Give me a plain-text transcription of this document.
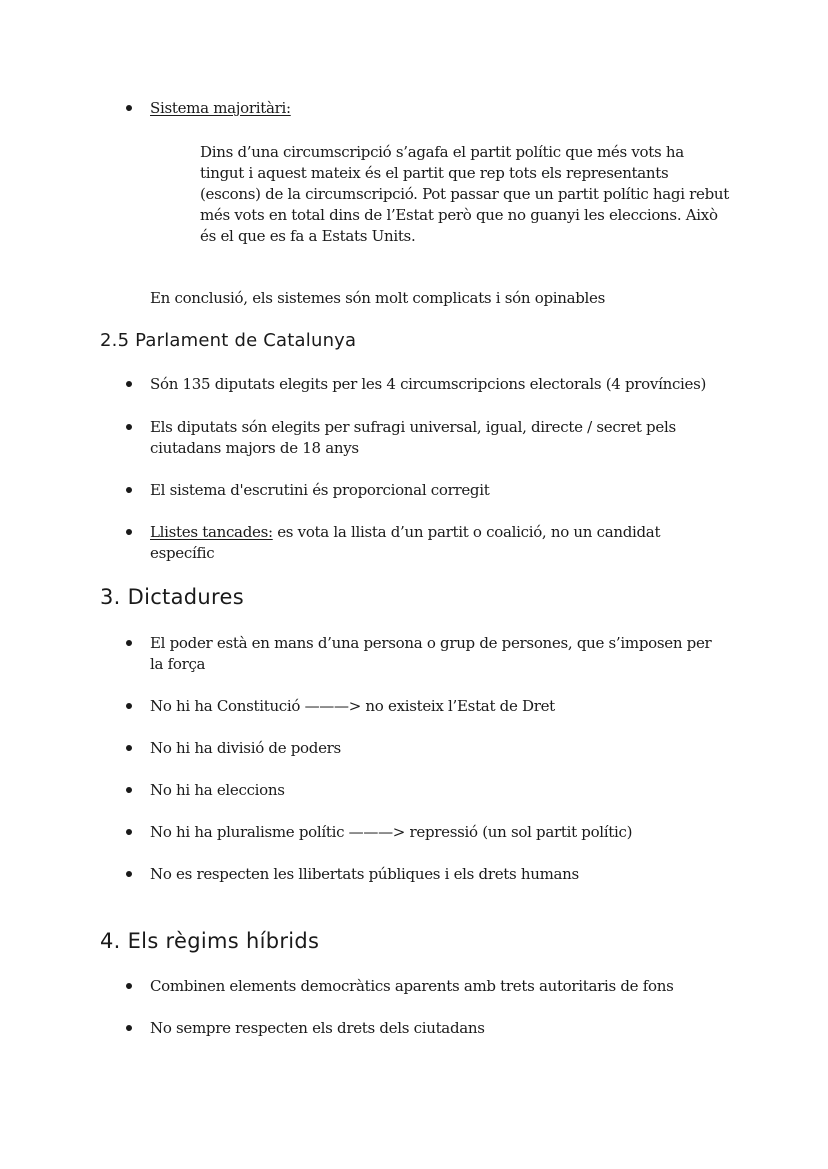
Sistema majoritàri:
Dins d’una circumscripció s’agafa el partit polític que més vots ha tingut i aquest mateix és el partit que rep tots els representants (escons) de la circumscripció. Pot passar que un partit polític hagi rebut més vots en total dins de l’Estat però que no guanyi les eleccions. Això és el que es fa a Estats Units.
En conclusió, els sistemes són molt complicats i són opinables
2.5 Parlament de Catalunya
Són 135 diputats elegits per les 4 circumscripcions electorals (4 províncies)
Els diputats són elegits per sufragi universal, igual, directe / secret pels ciutadans majors de 18 anys
El sistema d'escrutini és proporcional corregit
Llistes tancades: es vota la llista d’un partit o coalició, no un candidat específic
3. Dictadures
El poder està en mans d’una persona o grup de persones, que s’imposen per la força
No hi ha Constitució ———> no existeix l’Estat de Dret
No hi ha divisió de poders
No hi ha eleccions
No hi ha pluralisme polític ———> repressió (un sol partit polític)
No es respecten les llibertats públiques i els drets humans
4. Els règims híbrids
Combinen elements democràtics aparents amb trets autoritaris de fons
No sempre respecten els drets dels ciutadans
